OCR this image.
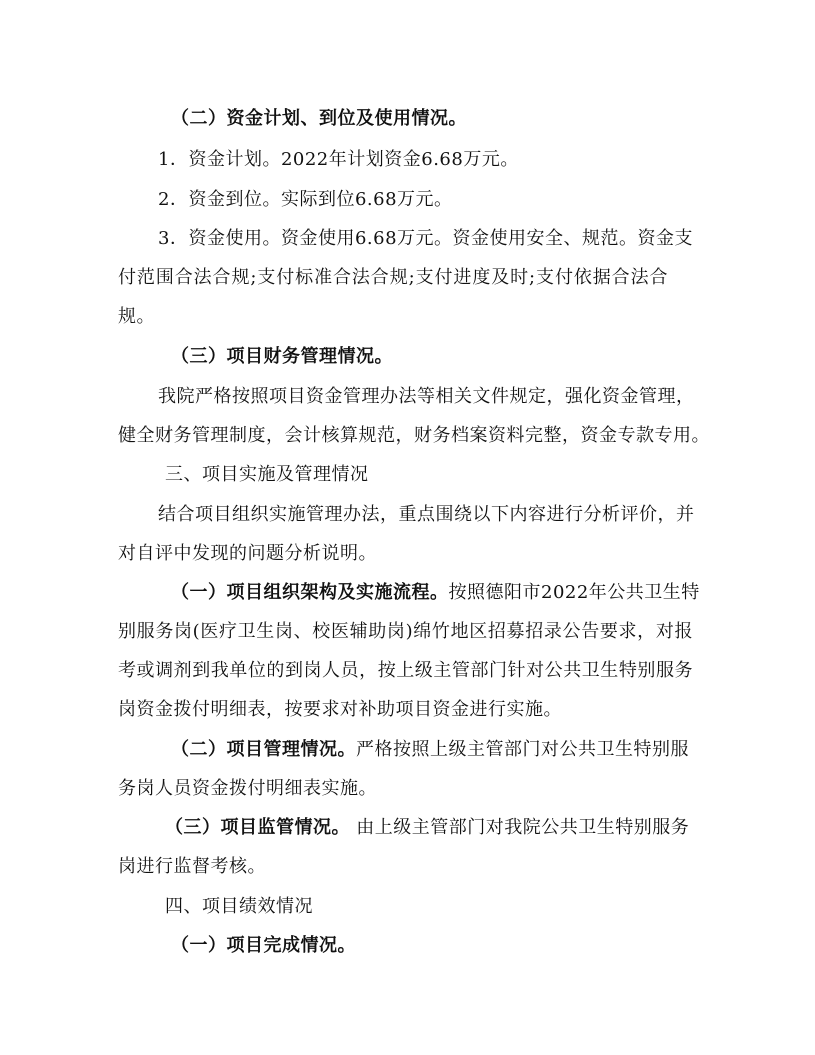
（二）资金计划、到位及使用情况。
1．资金计划。2022年计划资金6.68万元。
2．资金到位。实际到位6.68万元。
3．资金使用。资金使用6.68万元。资金使用安全、规范。资金支
付范围合法合规;支付标准合法合规;支付进度及时;支付依据合法合
规。
（三）项目财务管理情况。
我院严格按照项目资金管理办法等相关文件规定，强化资金管理，
健全财务管理制度，会计核算规范，财务档案资料完整，资金专款专用。
三、项目实施及管理情况
结合项目组织实施管理办法，重点围绕以下内容进行分析评价，并
对自评中发现的问题分析说明。
（一）项目组织架构及实施流程。按照德阳市2022年公共卫生特
别服务岗(医疗卫生岗、校医辅助岗)绵竹地区招募招录公告要求，对报
考或调剂到我单位的到岗人员，按上级主管部门针对公共卫生特别服务
岗资金拨付明细表，按要求对补助项目资金进行实施。
（二）项目管理情况。严格按照上级主管部门对公共卫生特别服
务岗人员资金拨付明细表实施。
（三）项目监管情况。 由上级主管部门对我院公共卫生特别服务
岗进行监督考核。
四、项目绩效情况
（一）项目完成情况。
